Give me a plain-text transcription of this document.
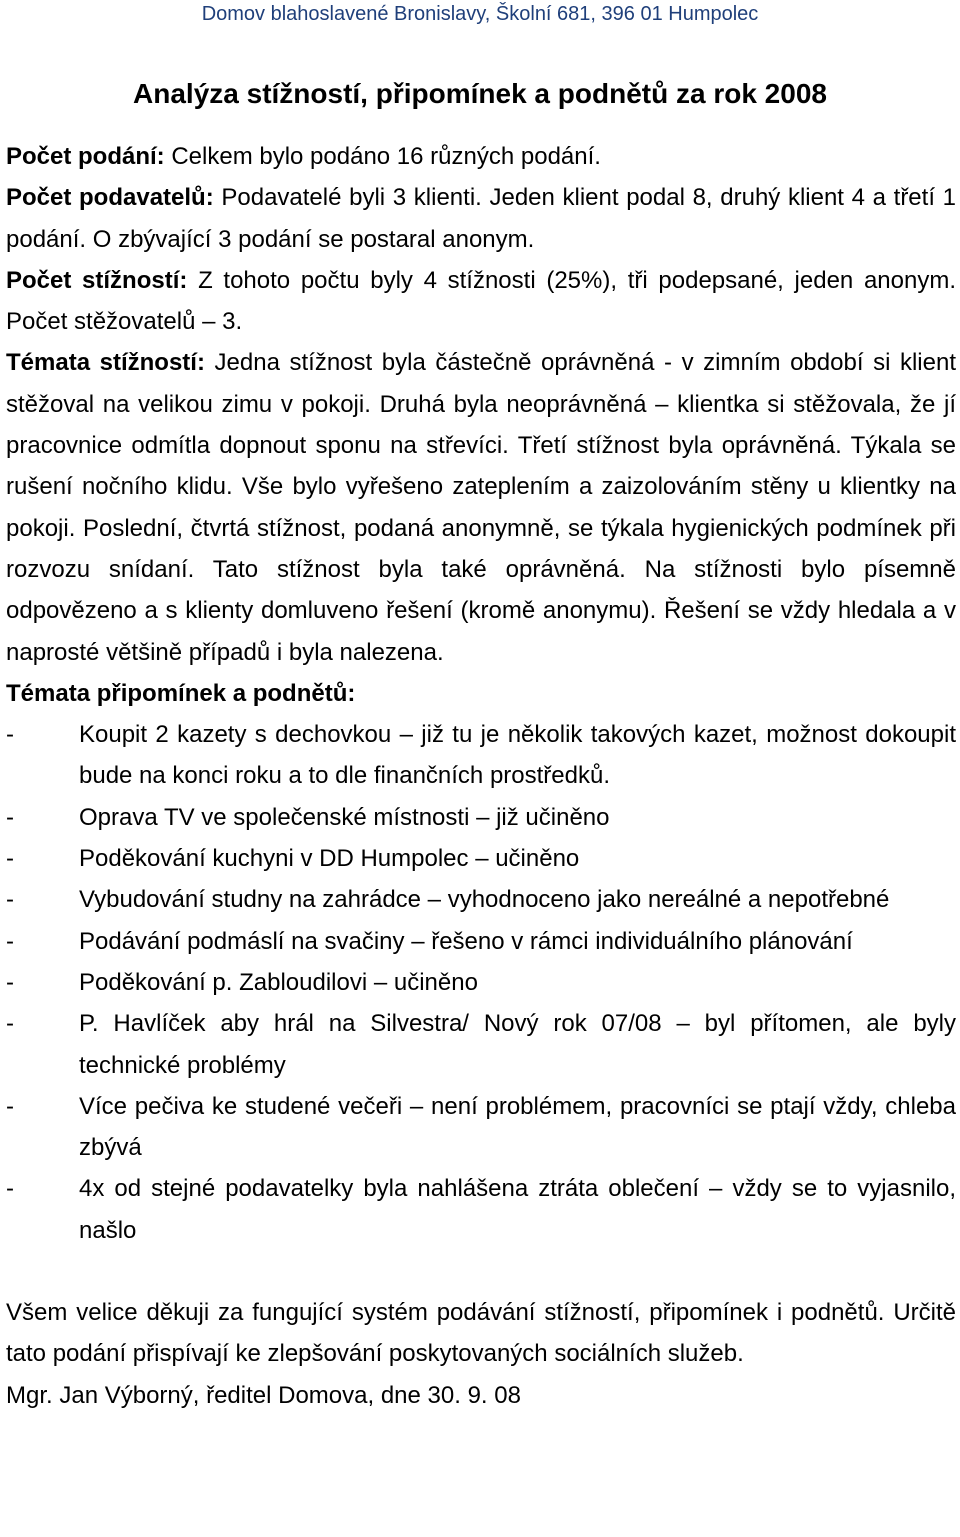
Domov blahoslavené Bronislavy, Školní 681, 396 01 Humpolec
Analýza stížností, připomínek a podnětů za rok 2008

Počet podání: Celkem bylo podáno 16 různých podání.

Počet podavatelů: Podavatelé byli 3 klienti. Jeden klient podal 8, druhý klient 4 a třetí 1 podání. O zbývající 3 podání se postaral anonym.

Počet stížností: Z tohoto počtu byly 4 stížnosti (25%), tři podepsané, jeden anonym. Počet stěžovatelů – 3.

Témata stížností: Jedna stížnost byla částečně oprávněná - v zimním období si klient stěžoval na velikou zimu v pokoji. Druhá byla neoprávněná – klientka si stěžovala, že jí pracovnice odmítla dopnout sponu na střevíci. Třetí stížnost byla oprávněná. Týkala se rušení nočního klidu. Vše bylo vyřešeno zateplením a zaizolováním stěny u klientky na pokoji. Poslední, čtvrtá stížnost, podaná anonymně, se týkala hygienických podmínek při rozvozu snídaní. Tato stížnost byla také oprávněná. Na stížnosti bylo písemně odpovězeno a s klienty domluveno řešení (kromě anonymu). Řešení se vždy hledala a v naprosté většině případů i byla nalezena.

Témata připomínek a podnětů:

-	Koupit 2 kazety s dechovkou – již tu je několik takových kazet, možnost dokoupit bude na konci roku a to dle finančních prostředků.
-	Oprava TV ve společenské místnosti – již učiněno
-	Poděkování kuchyni v DD Humpolec – učiněno
-	Vybudování studny na zahrádce – vyhodnoceno jako nereálné a nepotřebné
-	Podávání podmáslí na svačiny – řešeno v rámci individuálního plánování
-	Poděkování p. Zabloudilovi – učiněno
-	P. Havlíček aby hrál na Silvestra/ Nový rok 07/08 – byl přítomen, ale byly technické problémy
-	Více pečiva ke studené večeři – není problémem, pracovníci se ptají vždy, chleba zbývá
-	4x od stejné podavatelky byla nahlášena ztráta oblečení – vždy se to vyjasnilo, našlo

Všem velice děkuji za fungující systém podávání stížností, připomínek i podnětů. Určitě tato podání přispívají ke zlepšování poskytovaných sociálních služeb.

Mgr. Jan Výborný, ředitel Domova, dne 30. 9. 08
